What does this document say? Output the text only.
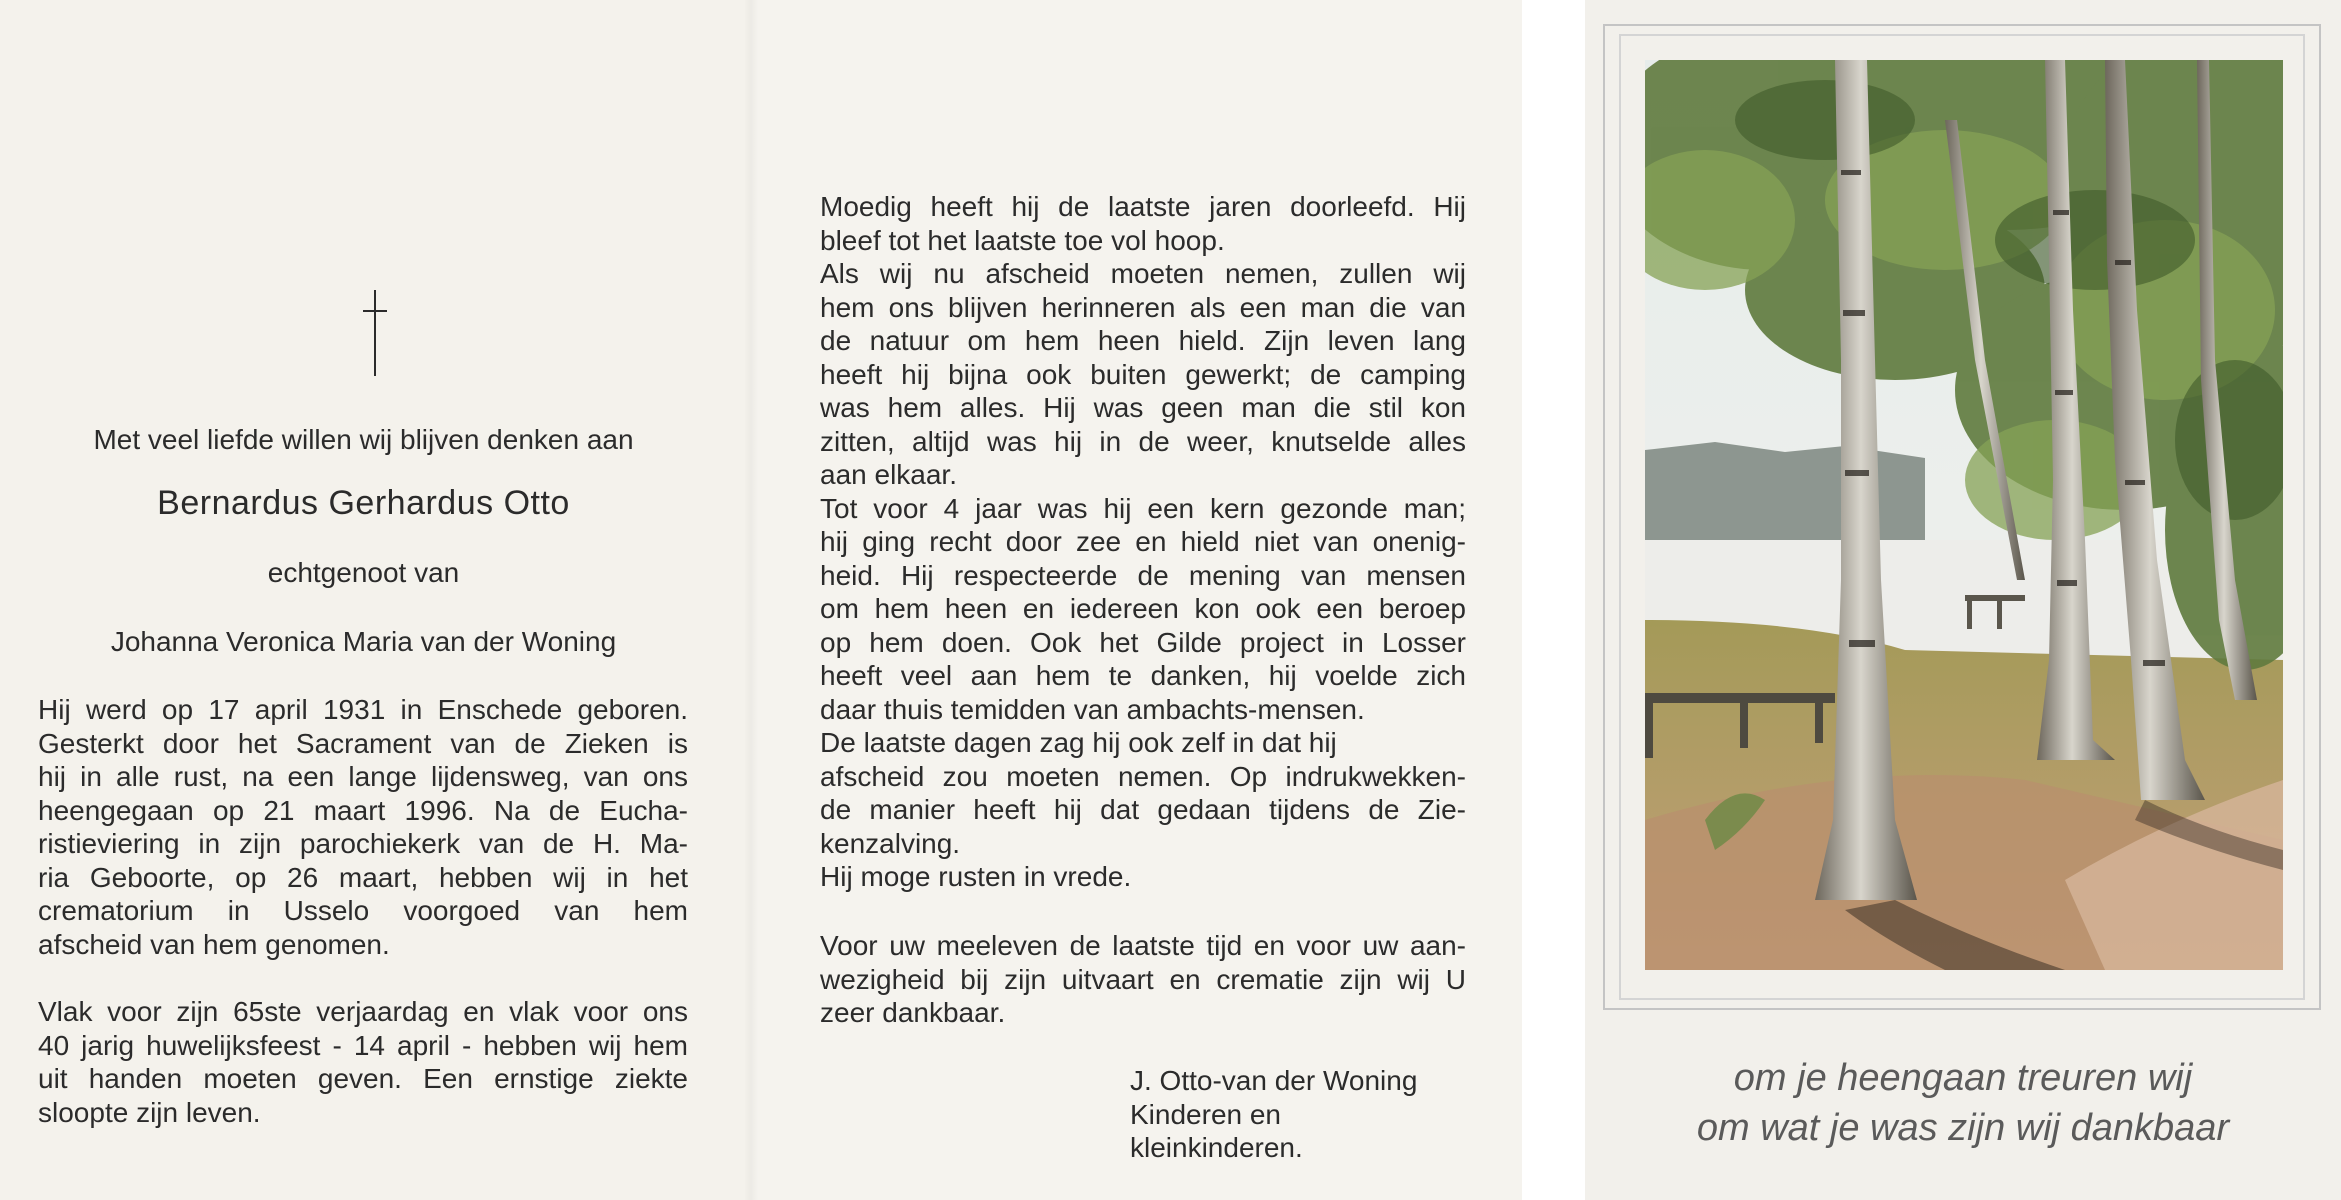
Met veel liefde willen wij blijven denken aan
Bernardus Gerhardus Otto
echtgenoot van
Johanna Veronica Maria van der Woning
Hij werd op 17 april 1931 in Enschede geboren.
Gesterkt door het Sacrament van de Zieken is
hij in alle rust, na een lange lijdensweg, van ons
heengegaan op 21 maart 1996. Na de Eucha-
ristieviering in zijn parochiekerk van de H. Ma-
ria Geboorte, op 26 maart, hebben wij in het
crematorium in Usselo voorgoed van hem
afscheid van hem genomen.
Vlak voor zijn 65ste verjaardag en vlak voor ons
40 jarig huwelijksfeest - 14 april - hebben wij hem
uit handen moeten geven. Een ernstige ziekte
sloopte zijn leven.
Moedig heeft hij de laatste jaren doorleefd. Hij
bleef tot het laatste toe vol hoop.
Als wij nu afscheid moeten nemen, zullen wij
hem ons blijven herinneren als een man die van
de natuur om hem heen hield. Zijn leven lang
heeft hij bijna ook buiten gewerkt; de camping
was hem alles. Hij was geen man die stil kon
zitten, altijd was hij in de weer, knutselde alles
aan elkaar.
Tot voor 4 jaar was hij een kern gezonde man;
hij ging recht door zee en hield niet van onenig-
heid. Hij respecteerde de mening van mensen
om hem heen en iedereen kon ook een beroep
op hem doen. Ook het Gilde project in Losser
heeft veel aan hem te danken, hij voelde zich
daar thuis temidden van ambachts-mensen.
De laatste dagen zag hij ook zelf in dat hij
afscheid zou moeten nemen. Op indrukwekken-
de manier heeft hij dat gedaan tijdens de Zie-
kenzalving.
Hij moge rusten in vrede.
Voor uw meeleven de laatste tijd en voor uw aan-
wezigheid bij zijn uitvaart en crematie zijn wij U
zeer dankbaar.
J. Otto-van der Woning
Kinderen en
kleinkinderen.
om je heengaan treuren wij
om wat je was zijn wij dankbaar
